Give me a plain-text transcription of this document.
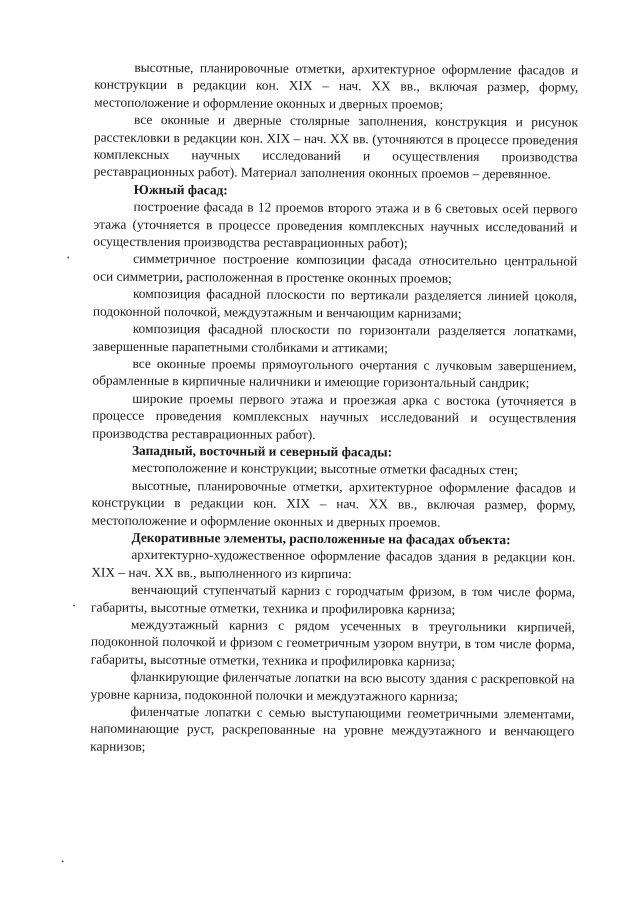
высотные, планировочные отметки, архитектурное оформление фасадов и конструкции в редакции кон. XIX – нач. XX вв., включая размер, форму, местоположение и оформление оконных и дверных проемов;

все оконные и дверные столярные заполнения, конструкция и рисунок расстекловки в редакции кон. XIX – нач. XX вв. (уточняются в процессе проведения комплексных научных исследований и осуществления производства реставрационных работ). Материал заполнения оконных проемов – деревянное.

Южный фасад:

построение фасада в 12 проемов второго этажа и в 6 световых осей первого этажа (уточняется в процессе проведения комплексных научных исследований и осуществления производства реставрационных работ);

симметричное построение композиции фасада относительно центральной оси симметрии, расположенная в простенке оконных проемов;

композиция фасадной плоскости по вертикали разделяется линией цоколя, подоконной полочкой, междуэтажным и венчающим карнизами;

композиция фасадной плоскости по горизонтали разделяется лопатками, завершенные парапетными столбиками и аттиками;

все оконные проемы прямоугольного очертания с лучковым завершением, обрамленные в кирпичные наличники и имеющие горизонтальный сандрик;

широкие проемы первого этажа и проезжая арка с востока (уточняется в процессе проведения комплексных научных исследований и осуществления производства реставрационных работ).

Западный, восточный и северный фасады:

местоположение и конструкции; высотные отметки фасадных стен;

высотные, планировочные отметки, архитектурное оформление фасадов и конструкции в редакции кон. XIX – нач. XX вв., включая размер, форму, местоположение и оформление оконных и дверных проемов.

Декоративные элементы, расположенные на фасадах объекта:

архитектурно-художественное оформление фасадов здания в редакции кон. XIX – нач. XX вв., выполненного из кирпича:

венчающий ступенчатый карниз с городчатым фризом, в том числе форма, габариты, высотные отметки, техника и профилировка карниза;

междуэтажный карниз с рядом усеченных в треугольники кирпичей, подоконной полочкой и фризом с геометричным узором внутри, в том числе форма, габариты, высотные отметки, техника и профилировка карниза;

фланкирующие филенчатые лопатки на всю высоту здания с раскреповкой на уровне карниза, подоконной полочки и междуэтажного карниза;

филенчатые лопатки с семью выступающими геометричными элементами, напоминающие руст, раскрепованные на уровне междуэтажного и венчающего карнизов;
